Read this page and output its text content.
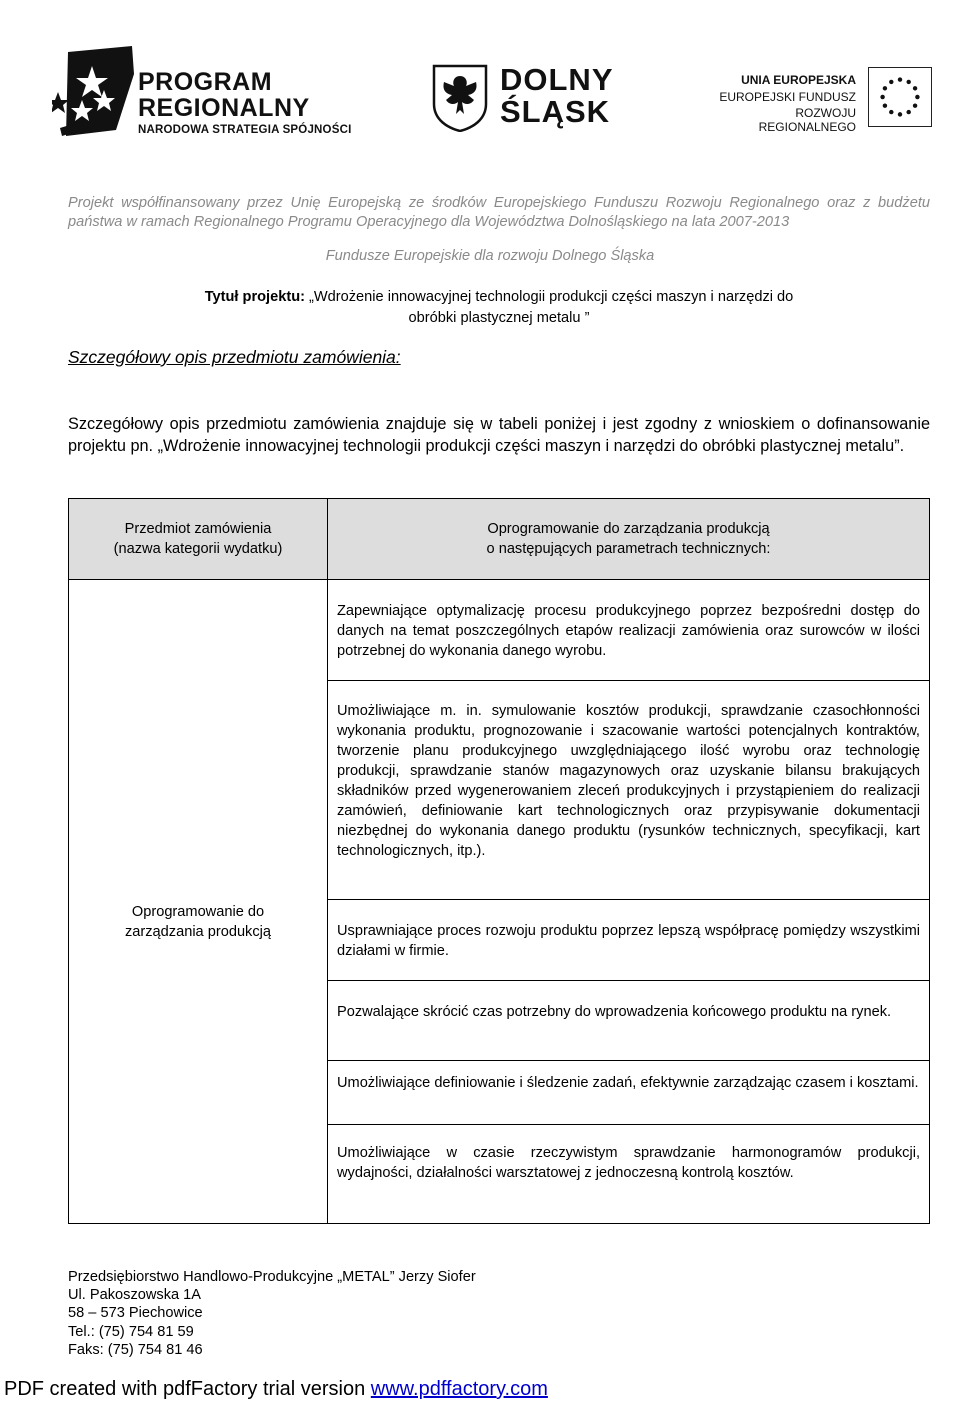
PROGRAM
REGIONALNY
NARODOWA STRATEGIA SPÓJNOŚCI
DOLNY
ŚLĄSK
UNIA EUROPEJSKA
EUROPEJSKI FUNDUSZ
ROZWOJU REGIONALNEGO
Projekt współfinansowany przez Unię Europejską ze środków Europejskiego Funduszu Rozwoju Regionalnego oraz z budżetu państwa w ramach Regionalnego Programu Operacyjnego dla Województwa Dolnośląskiego na lata 2007-2013
Fundusze Europejskie dla rozwoju Dolnego Śląska
Tytuł projektu: „Wdrożenie innowacyjnej technologii produkcji części maszyn i narzędzi do
obróbki plastycznej metalu ”
Szczegółowy opis przedmiotu zamówienia:
Szczegółowy opis przedmiotu zamówienia znajduje się w tabeli poniżej i jest zgodny z wnioskiem o dofinansowanie projektu pn. „Wdrożenie innowacyjnej technologii produkcji części maszyn i narzędzi do obróbki plastycznej metalu”.
Przedmiot zamówienia
(nazwa kategorii wydatku)
Oprogramowanie do zarządzania produkcją
o następujących parametrach technicznych:
Oprogramowanie do
zarządzania produkcją
Zapewniające optymalizację procesu produkcyjnego poprzez bezpośredni dostęp do danych na temat poszczególnych etapów realizacji zamówienia oraz surowców w ilości potrzebnej do wykonania danego wyrobu.
Umożliwiające m. in. symulowanie kosztów produkcji, sprawdzanie czasochłonności wykonania produktu, prognozowanie i szacowanie wartości potencjalnych kontraktów, tworzenie planu produkcyjnego uwzględniającego ilość wyrobu oraz technologię produkcji, sprawdzanie stanów magazynowych oraz uzyskanie bilansu brakujących składników przed wygenerowaniem zleceń produkcyjnych i przystąpieniem do realizacji zamówień, definiowanie kart technologicznych oraz przypisywanie dokumentacji niezbędnej do wykonania danego produktu (rysunków technicznych, specyfikacji, kart technologicznych, itp.).
Usprawniające proces rozwoju produktu poprzez lepszą współpracę pomiędzy wszystkimi działami w firmie.
Pozwalające skrócić czas potrzebny do wprowadzenia końcowego produktu na rynek.
Umożliwiające definiowanie i śledzenie zadań, efektywnie zarządzając czasem i kosztami.
Umożliwiające w czasie rzeczywistym sprawdzanie harmonogramów produkcji, wydajności, działalności warsztatowej z jednoczesną kontrolą kosztów.
Przedsiębiorstwo Handlowo-Produkcyjne „METAL” Jerzy Siofer
Ul. Pakoszowska 1A
58 – 573 Piechowice
Tel.: (75) 754 81 59
Faks: (75) 754 81 46
PDF created with pdfFactory trial version www.pdffactory.com
